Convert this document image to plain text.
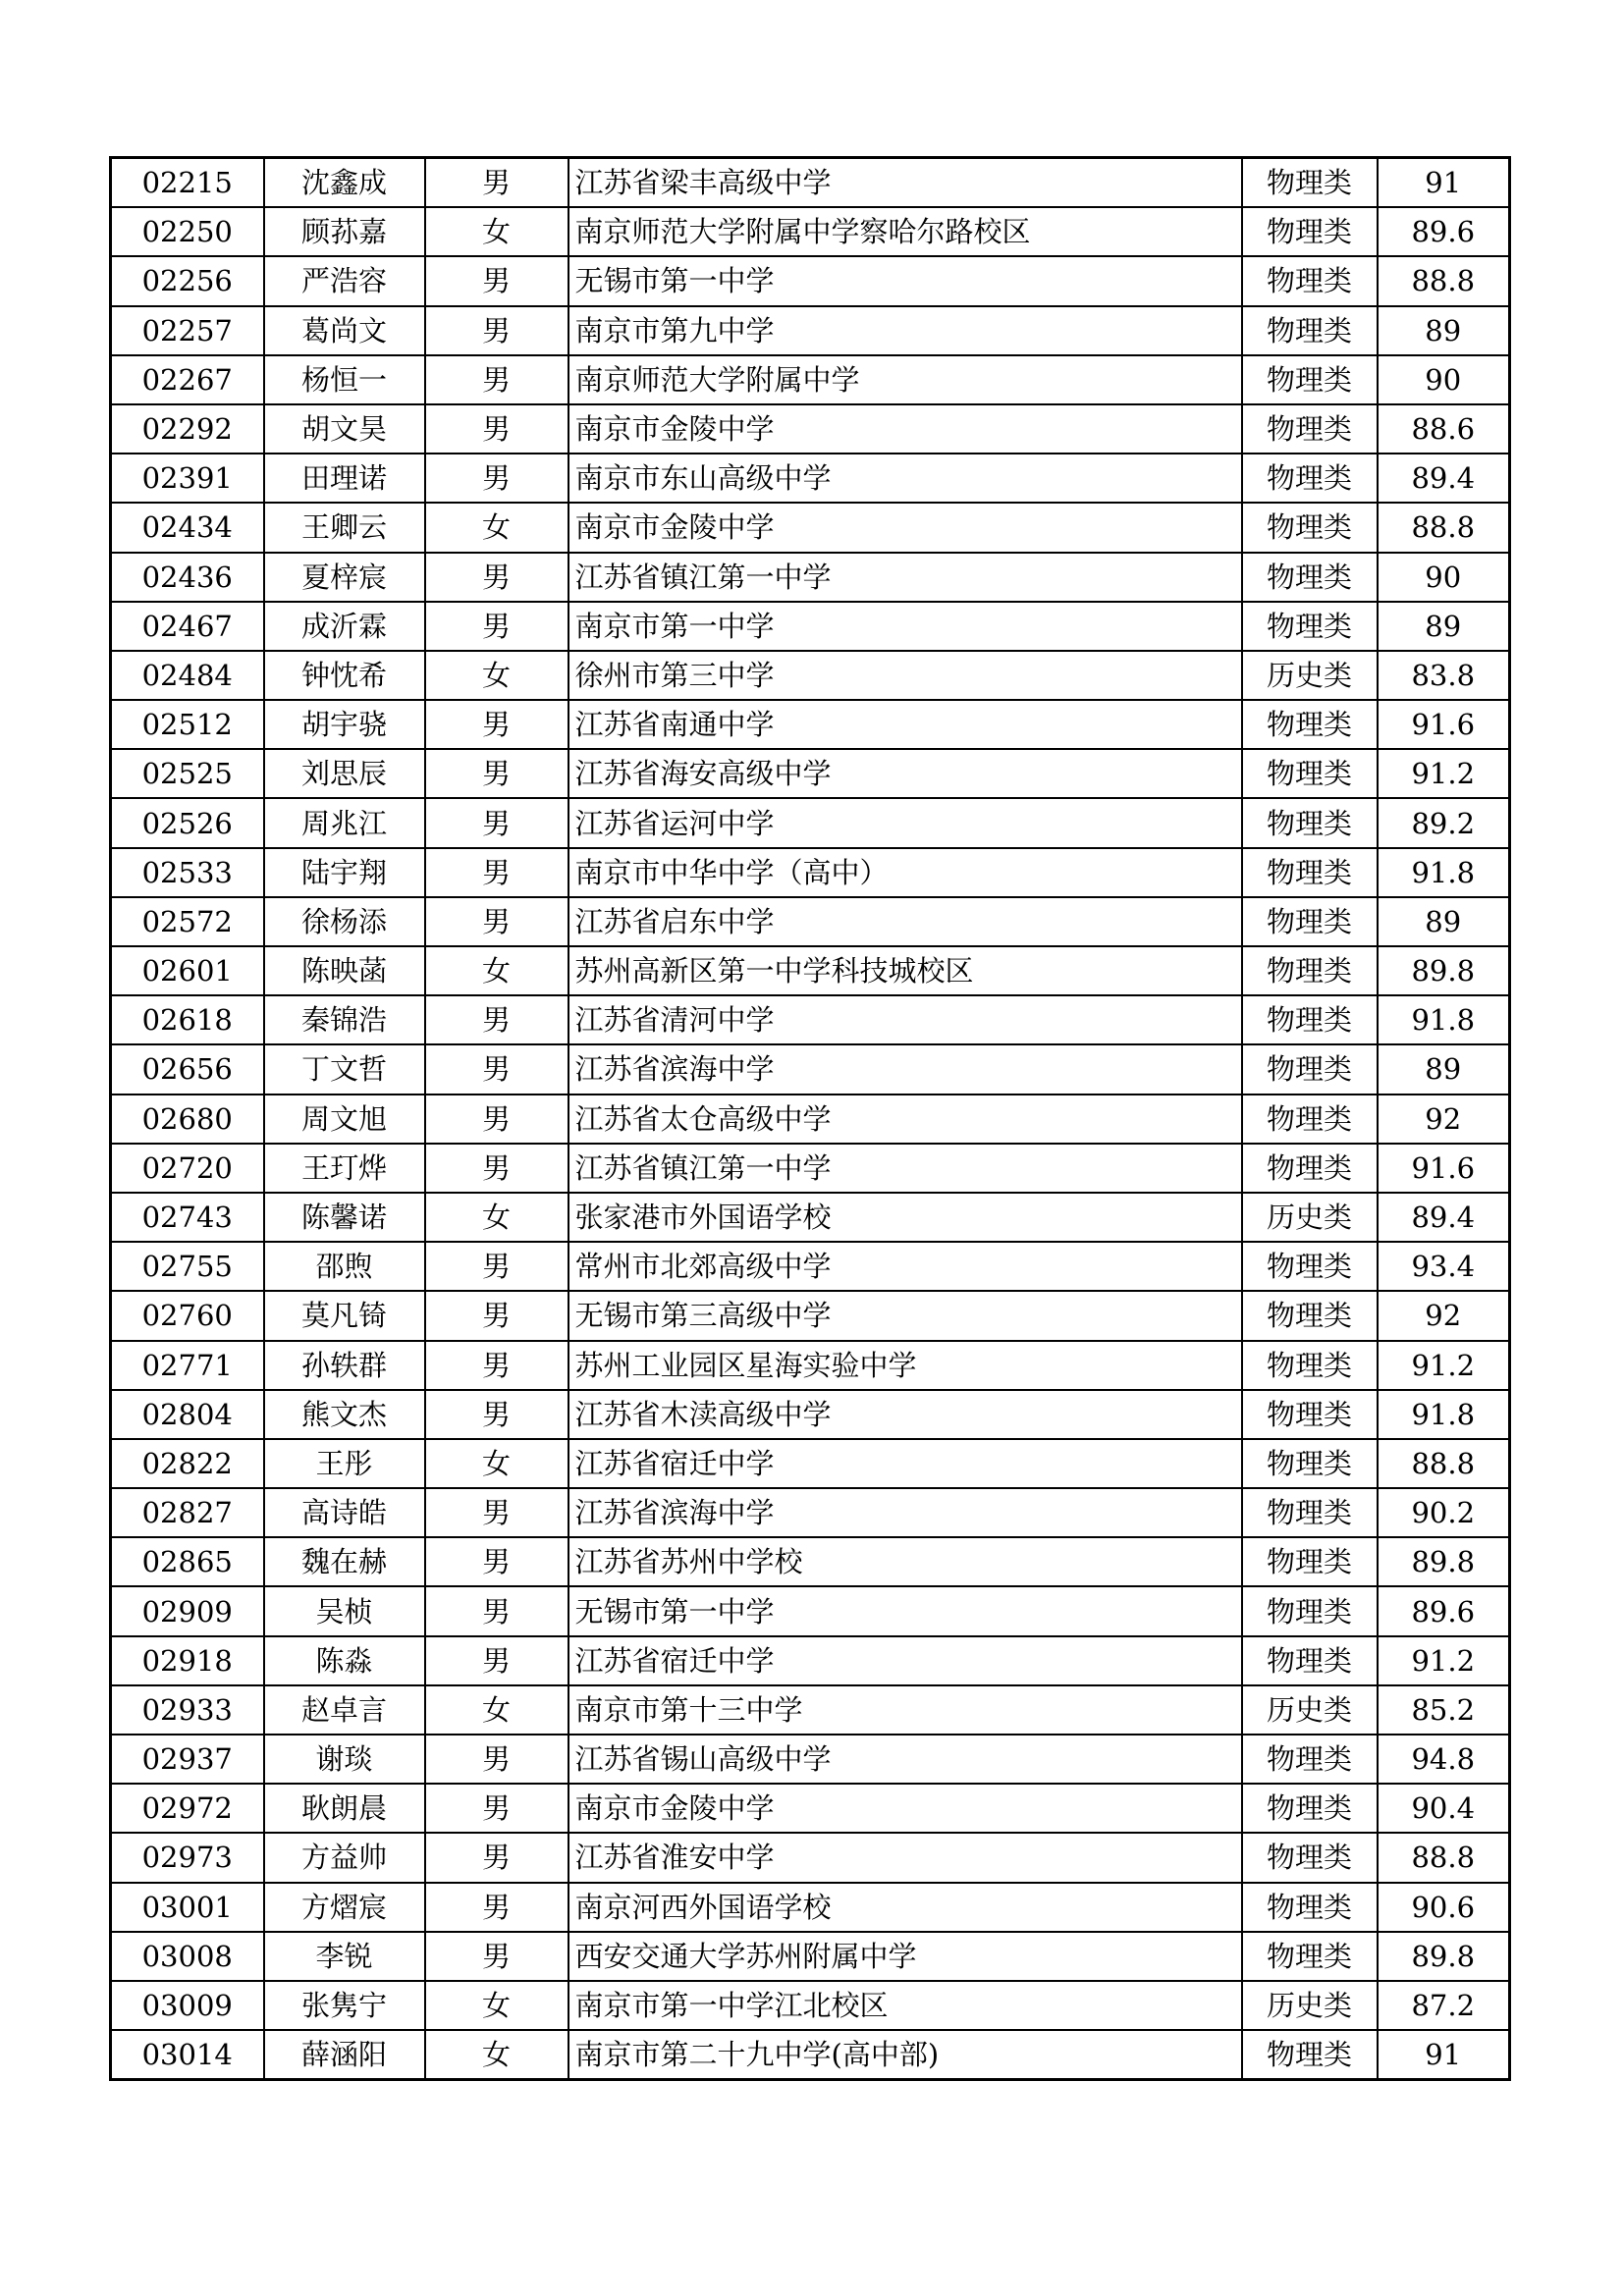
02215	沈鑫成	男	江苏省梁丰高级中学	物理类	91
02250	顾荪嘉	女	南京师范大学附属中学察哈尔路校区	物理类	89.6
02256	严浩容	男	无锡市第一中学	物理类	88.8
02257	葛尚文	男	南京市第九中学	物理类	89
02267	杨恒一	男	南京师范大学附属中学	物理类	90
02292	胡文昊	男	南京市金陵中学	物理类	88.6
02391	田理诺	男	南京市东山高级中学	物理类	89.4
02434	王卿云	女	南京市金陵中学	物理类	88.8
02436	夏梓宸	男	江苏省镇江第一中学	物理类	90
02467	成沂霖	男	南京市第一中学	物理类	89
02484	钟忱希	女	徐州市第三中学	历史类	83.8
02512	胡宇骁	男	江苏省南通中学	物理类	91.6
02525	刘思辰	男	江苏省海安高级中学	物理类	91.2
02526	周兆江	男	江苏省运河中学	物理类	89.2
02533	陆宇翔	男	南京市中华中学（高中）	物理类	91.8
02572	徐杨添	男	江苏省启东中学	物理类	89
02601	陈映菡	女	苏州高新区第一中学科技城校区	物理类	89.8
02618	秦锦浩	男	江苏省清河中学	物理类	91.8
02656	丁文哲	男	江苏省滨海中学	物理类	89
02680	周文旭	男	江苏省太仓高级中学	物理类	92
02720	王玎烨	男	江苏省镇江第一中学	物理类	91.6
02743	陈馨诺	女	张家港市外国语学校	历史类	89.4
02755	邵煦	男	常州市北郊高级中学	物理类	93.4
02760	莫凡锜	男	无锡市第三高级中学	物理类	92
02771	孙轶群	男	苏州工业园区星海实验中学	物理类	91.2
02804	熊文杰	男	江苏省木渎高级中学	物理类	91.8
02822	王彤	女	江苏省宿迁中学	物理类	88.8
02827	高诗皓	男	江苏省滨海中学	物理类	90.2
02865	魏在赫	男	江苏省苏州中学校	物理类	89.8
02909	吴桢	男	无锡市第一中学	物理类	89.6
02918	陈淼	男	江苏省宿迁中学	物理类	91.2
02933	赵卓言	女	南京市第十三中学	历史类	85.2
02937	谢琰	男	江苏省锡山高级中学	物理类	94.8
02972	耿朗晨	男	南京市金陵中学	物理类	90.4
02973	方益帅	男	江苏省淮安中学	物理类	88.8
03001	方熠宸	男	南京河西外国语学校	物理类	90.6
03008	李锐	男	西安交通大学苏州附属中学	物理类	89.8
03009	张隽宁	女	南京市第一中学江北校区	历史类	87.2
03014	薛涵阳	女	南京市第二十九中学(高中部)	物理类	91
